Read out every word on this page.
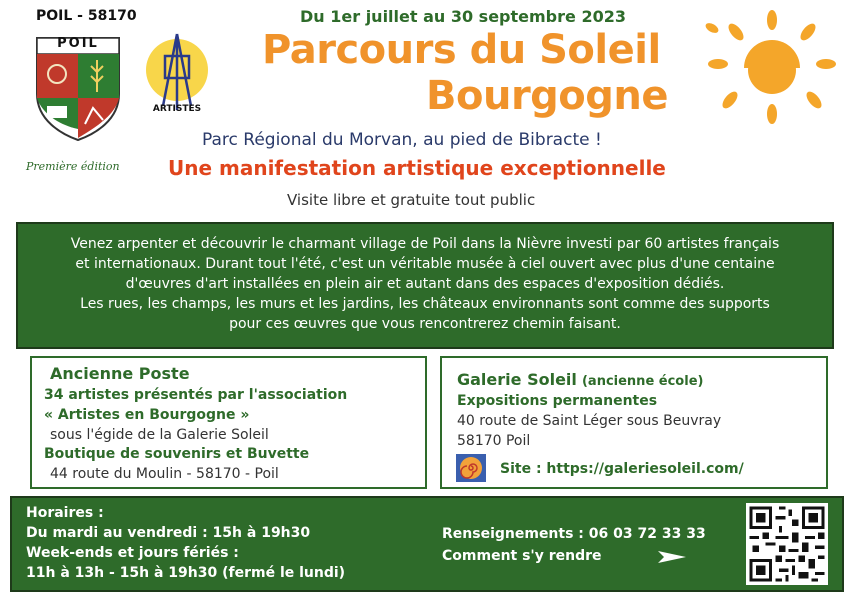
POIL - 58170
POIL
Première édition
ARTISTES
Du 1er juillet au 30 septembre 2023
Parcours du Soleil
Bourgogne
Parc Régional du Morvan, au pied de Bibracte !
Une manifestation artistique exceptionnelle
Visite libre et gratuite tout public
Venez arpenter et découvrir le charmant village de Poil dans la Nièvre investi par 60 artistes français
et internationaux. Durant tout l'été, c'est un véritable musée à ciel ouvert avec plus d'une centaine
d'œuvres d'art installées en plein air et autant dans des espaces d'exposition dédiés.
Les rues, les champs, les murs et les jardins, les châteaux environnants sont comme des supports
pour ces œuvres que vous rencontrerez chemin faisant.
Ancienne Poste
34 artistes présentés par l'association
« Artistes en Bourgogne »
sous l'égide de la Galerie Soleil
Boutique de souvenirs et Buvette
44 route du Moulin - 58170 - Poil
Galerie Soleil (ancienne école)
Expositions permanentes
40 route de Saint Léger sous Beuvray
58170 Poil
Site : https://galeriesoleil.com/
Horaires :
Du mardi au vendredi : 15h à 19h30
Week-ends et jours fériés :
11h à 13h - 15h à 19h30 (fermé le lundi)
Renseignements : 06 03 72 33 33
Comment s'y rendre
